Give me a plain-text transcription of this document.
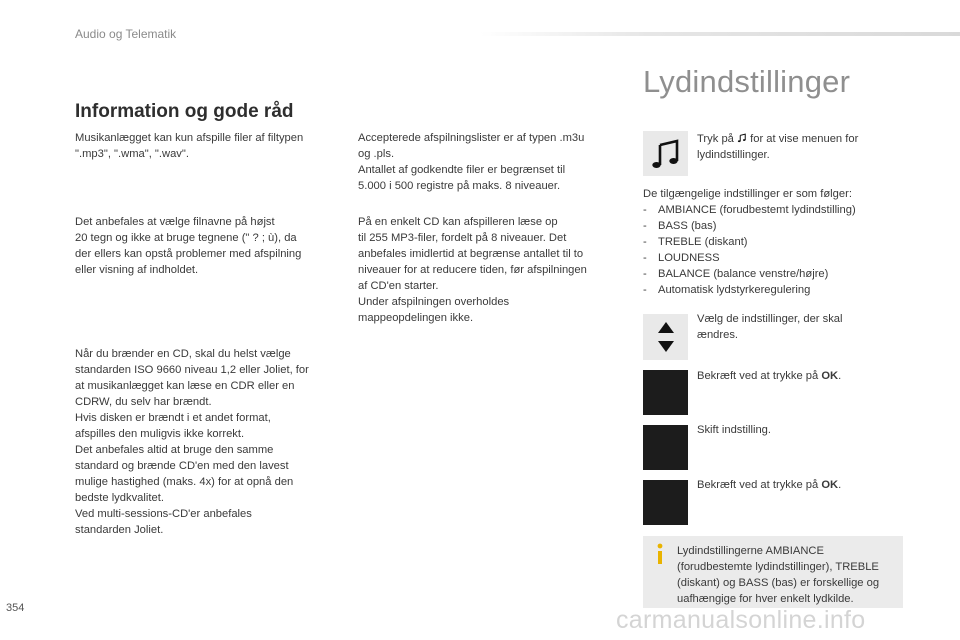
Audio og Telematik
Lydindstillinger
Information og gode råd
Musikanlægget kan kun afspille filer af filtypen
".mp3", ".wma", ".wav".
Det anbefales at vælge filnavne på højst
20 tegn og ikke at bruge tegnene (" ? ; ù), da
der ellers kan opstå problemer med afspilning
eller visning af indholdet.
Når du brænder en CD, skal du helst vælge
standarden ISO 9660 niveau 1,2 eller Joliet, for
at musikanlægget kan læse en CDR eller en
CDRW, du selv har brændt.
Hvis disken er brændt i et andet format,
afspilles den muligvis ikke korrekt.
Det anbefales altid at bruge den samme
standard og brænde CD'en med den lavest
mulige hastighed (maks. 4x) for at opnå den
bedste lydkvalitet.
Ved multi-sessions-CD'er anbefales
standarden Joliet.
Accepterede afspilningslister er af typen .m3u
og .pls.
Antallet af godkendte filer er begrænset til
5.000 i 500 registre på maks. 8 niveauer.
På en enkelt CD kan afspilleren læse op
til 255 MP3-filer, fordelt på 8 niveauer. Det
anbefales imidlertid at begrænse antallet til to
niveauer for at reducere tiden, før afspilningen
af CD'en starter.
Under afspilningen overholdes
mappeopdelingen ikke.
Tryk på  for at vise menuen for
lydindstillinger.
De tilgængelige indstillinger er som følger:
- AMBIANCE (forudbestemt lydindstilling)
- BASS (bas)
- TREBLE (diskant)
- LOUDNESS
- BALANCE (balance venstre/højre)
- Automatisk lydstyrkeregulering
Vælg de indstillinger, der skal
ændres.
Bekræft ved at trykke på OK.
Skift indstilling.
Bekræft ved at trykke på OK.
Lydindstillingerne AMBIANCE
(forudbestemte lydindstillinger), TREBLE
(diskant) og BASS (bas) er forskellige og
uafhængige for hver enkelt lydkilde.
354	carmanualsonline.info
